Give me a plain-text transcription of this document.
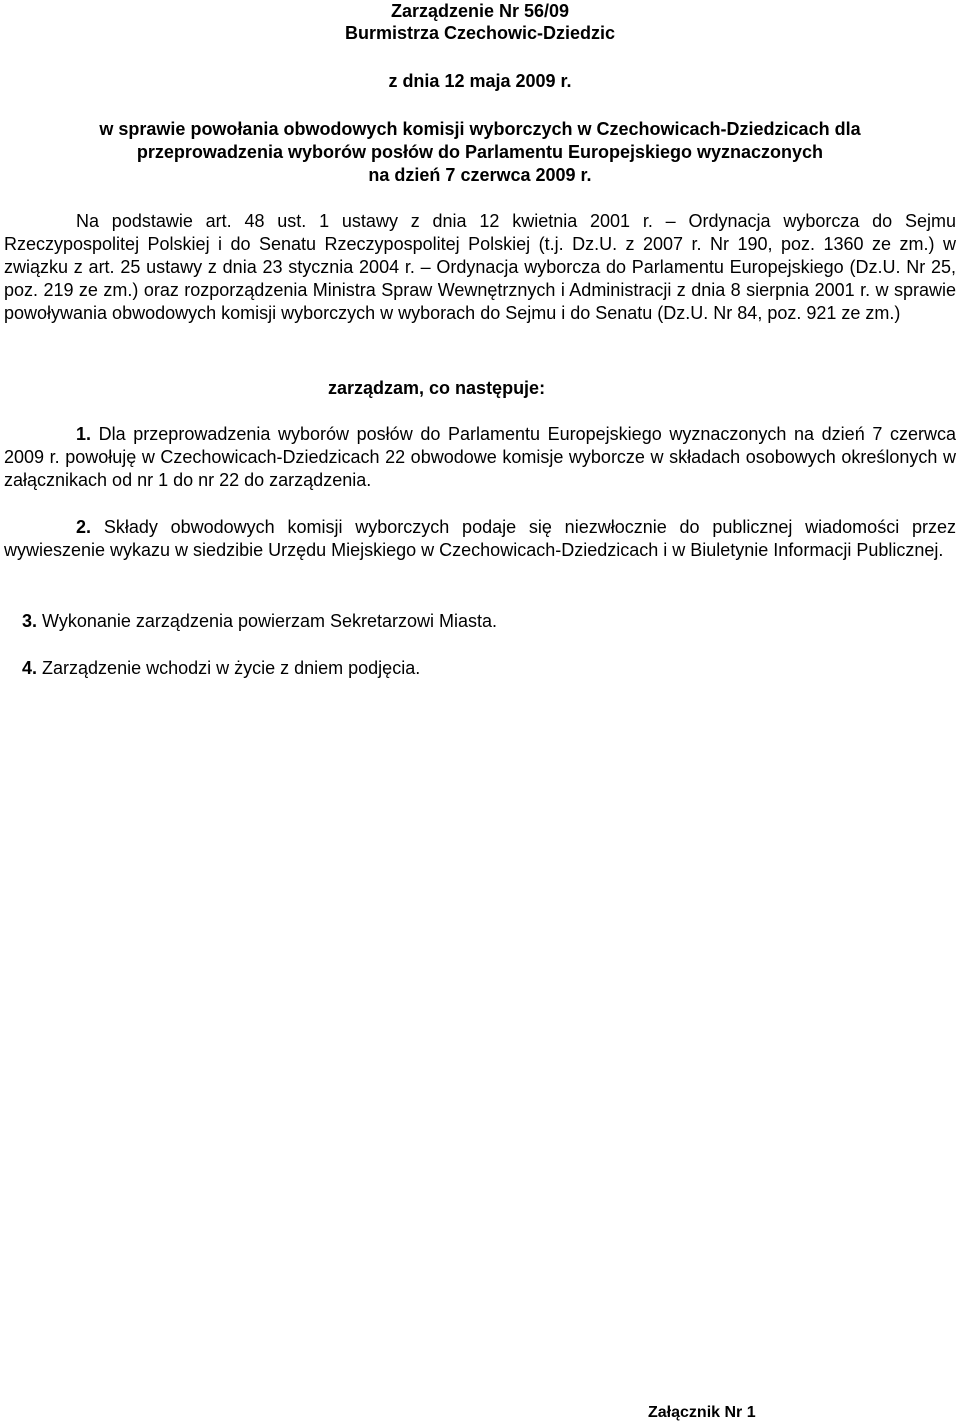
Zarządzenie Nr 56/09
Burmistrza Czechowic-Dziedzic
z dnia 12 maja 2009 r.
w sprawie powołania obwodowych komisji wyborczych w Czechowicach-Dziedzicach dla
przeprowadzenia wyborów posłów do Parlamentu Europejskiego wyznaczonych
na dzień 7 czerwca 2009 r.
Na podstawie art. 48 ust. 1 ustawy z dnia 12 kwietnia 2001 r. – Ordynacja wyborcza do Sejmu Rzeczypospolitej Polskiej i do Senatu Rzeczypospolitej Polskiej (t.j. Dz.U. z 2007 r. Nr 190, poz. 1360 ze zm.) w związku z art. 25 ustawy z dnia 23 stycznia 2004 r. – Ordynacja wyborcza do Parlamentu Europejskiego (Dz.U. Nr 25, poz. 219 ze zm.) oraz rozporządzenia Ministra Spraw Wewnętrznych i Administracji z dnia 8 sierpnia 2001 r. w sprawie powoływania obwodowych komisji wyborczych w wyborach do Sejmu i do Senatu (Dz.U. Nr 84, poz. 921 ze zm.)
zarządzam, co następuje:
1. Dla przeprowadzenia wyborów posłów do Parlamentu Europejskiego wyznaczonych na dzień 7 czerwca 2009 r. powołuję w Czechowicach-Dziedzicach 22 obwodowe komisje wyborcze w składach osobowych określonych w załącznikach od nr 1 do nr 22 do zarządzenia.
2. Składy obwodowych komisji wyborczych podaje się niezwłocznie do publicznej wiadomości przez wywieszenie wykazu w siedzibie Urzędu Miejskiego w Czechowicach-Dziedzicach i w Biuletynie Informacji Publicznej.
3. Wykonanie zarządzenia powierzam Sekretarzowi Miasta.
4. Zarządzenie wchodzi w życie z dniem podjęcia.
Załącznik Nr 1
